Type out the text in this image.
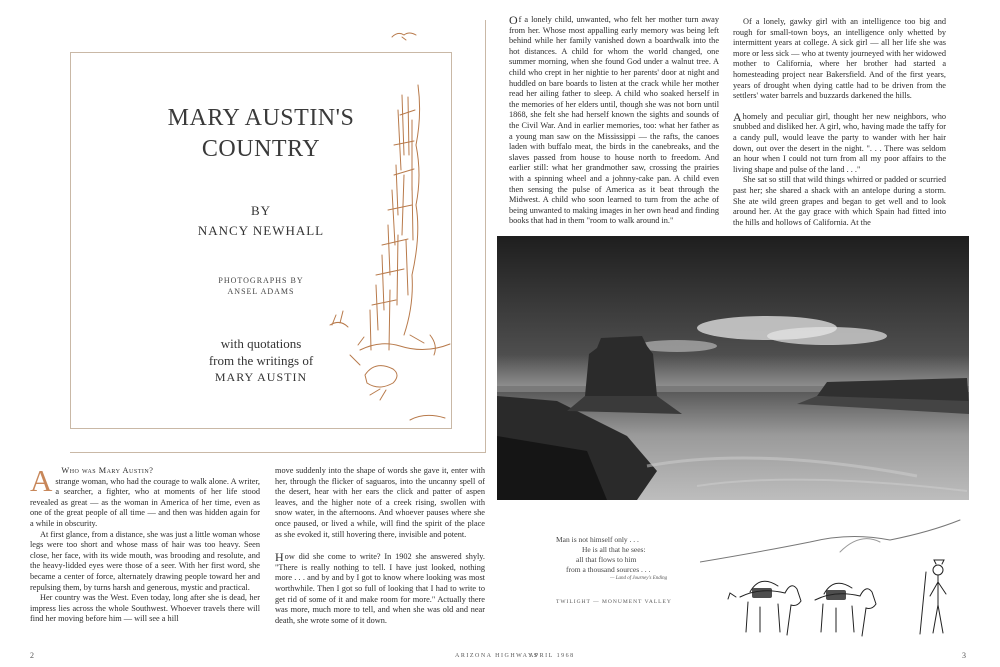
MARY AUSTIN'S
COUNTRY
BY
NANCY NEWHALL
PHOTOGRAPHS BY
ANSEL ADAMS
with quotations
from the writings of
MARY AUSTIN

A Who was Mary Austin?
strange woman, who had the courage to walk alone. A writer, a searcher, a fighter, who at moments of her life stood revealed as great — as the woman in America of her time, even as one of the great people of all time — and then was hidden again for a while in obscurity.

At first glance, from a distance, she was just a little woman whose legs were too short and whose mass of hair was too heavy. Seen close, her face, with its wide mouth, was brooding and resolute, and the heavy-lidded eyes were those of a seer. With her first word, she became a center of force, alternately drawing people toward her and repulsing them, by turns harsh and generous, mystic and practical.

Her country was the West. Even today, long after she is dead, her impress lies across the whole Southwest. Whoever travels there will find her moving before him — will see a hill

move suddenly into the shape of words she gave it, enter with her, through the flicker of saguaros, into the uncanny spell of the desert, hear with her ears the click and patter of aspen leaves, and the higher note of a creek rising, swollen with snow water, in the afternoons. And whoever pauses where she once paused, or lived a while, will find the spirit of the place as she evoked it, still hovering there, invisible and potent.

H ow did she come to write? In 1902 she answered shyly. "There is really nothing to tell. I have just looked, nothing more . . . and by and by I got to know where looking was most worthwhile. Then I got so full of looking that I had to write to get rid of some of it and make room for more." Actually there was more, much more to tell, and when she was old and near death, she wrote some of it down.

O f a lonely child, unwanted, who felt her mother turn away from her. Whose most appalling early memory was being left behind while her family vanished down a boardwalk into the hot distances. A child for whom the world changed, one summer morning, when she found God under a walnut tree. A child who crept in her nightie to her parents' door at night and huddled on bare boards to listen at the crack while her mother read her ailing father to sleep. A child who soaked herself in the memories of her elders until, though she was not born until 1868, she felt she had herself known the sights and sounds of the Civil War. And in earlier memories, too: what her father as a young man saw on the Mississippi — the rafts, the canoes laden with buffalo meat, the birds in the canebreaks, and the slaves passed from house to house north to freedom. And earlier still: what her grandmother saw, crossing the prairies with a spinning wheel and a johnny-cake pan. A child even then sensing the pulse of America as it beat through the Midwest. A child who soon learned to turn from the ache of being unwanted to making images in her own head and finding books that had in them "room to walk around in."

Of a lonely, gawky girl with an intelligence too big and rough for small-town boys, an intelligence only whetted by intermittent years at college. A sick girl — all her life she was more or less sick — who at twenty journeyed with her widowed mother to California, where her brother had started a homesteading project near Bakersfield. And of the first years, years of drought when dying cattle had to be driven from the settlers' water barrels and buzzards darkened the hills.

A homely and peculiar girl, thought her new neighbors, who snubbed and disliked her. A girl, who, having made the taffy for a candy pull, would leave the party to wander with her hair down, out over the desert in the night. ". . . There was seldom an hour when I could not turn from all my poor affairs to the living shape and pulse of the land . . ."

She sat so still that wild things whirred or padded or scurried past her; she shared a shack with an antelope during a storm. She ate wild green grapes and began to get well and to look around her. At the gay grace with which Spain had fitted into the hills and hollows of California. At the

Man is not himself only . . .
He is all that he sees:
all that flows to him
from a thousand sources . . .
— Land of Journey's Ending
TWILIGHT — MONUMENT VALLEY
2	ARIZONA HIGHWAYS
APRIL 1968	3
